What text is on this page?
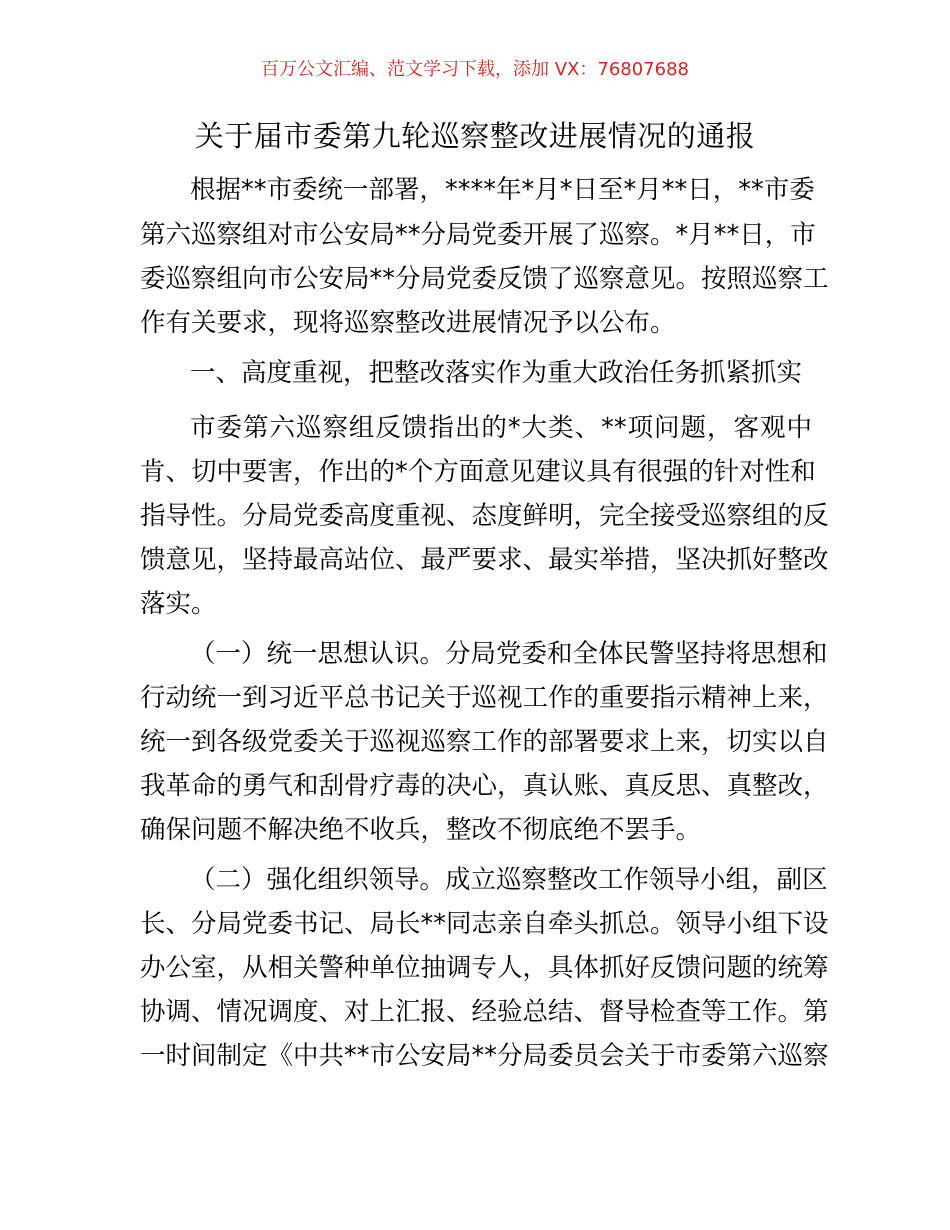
百万公文汇编、范文学习下载，添加 VX：76807688
关于届市委第九轮巡察整改进展情况的通报
根据**市委统一部署，****年*月*日至*月**日，**市委
第六巡察组对市公安局**分局党委开展了巡察。*月**日，市
委巡察组向市公安局**分局党委反馈了巡察意见。按照巡察工
作有关要求，现将巡察整改进展情况予以公布。
一、高度重视，把整改落实作为重大政治任务抓紧抓实
市委第六巡察组反馈指出的*大类、**项问题，客观中
肯、切中要害，作出的*个方面意见建议具有很强的针对性和
指导性。分局党委高度重视、态度鲜明，完全接受巡察组的反
馈意见，坚持最高站位、最严要求、最实举措，坚决抓好整改
落实。
（一）统一思想认识。分局党委和全体民警坚持将思想和
行动统一到习近平总书记关于巡视工作的重要指示精神上来，
统一到各级党委关于巡视巡察工作的部署要求上来，切实以自
我革命的勇气和刮骨疗毒的决心，真认账、真反思、真整改，
确保问题不解决绝不收兵，整改不彻底绝不罢手。
（二）强化组织领导。成立巡察整改工作领导小组，副区
长、分局党委书记、局长**同志亲自牵头抓总。领导小组下设
办公室，从相关警种单位抽调专人，具体抓好反馈问题的统筹
协调、情况调度、对上汇报、经验总结、督导检查等工作。第
一时间制定《中共**市公安局**分局委员会关于市委第六巡察
